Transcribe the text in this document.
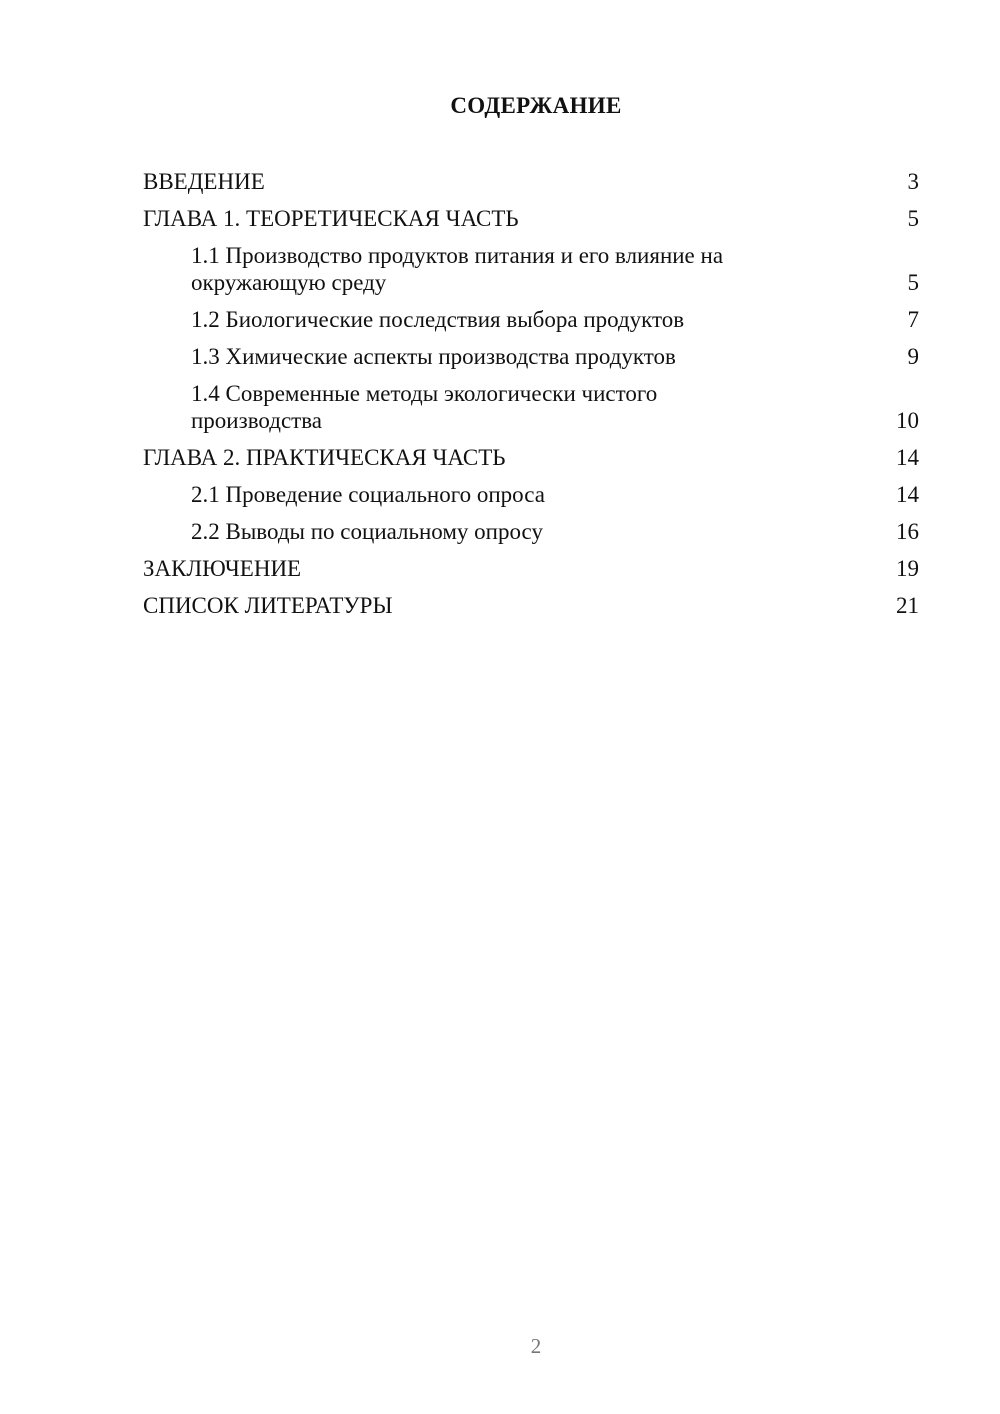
СОДЕРЖАНИЕ
ВВЕДЕНИЕ	3
ГЛАВА 1. ТЕОРЕТИЧЕСКАЯ ЧАСТЬ	5
1.1 Производство продуктов питания и его влияние на окружающую среду	5
1.2 Биологические последствия выбора продуктов	7
1.3 Химические аспекты производства продуктов	9
1.4 Современные методы экологически чистого производства	10
ГЛАВА 2. ПРАКТИЧЕСКАЯ ЧАСТЬ	14
2.1 Проведение социального опроса	14
2.2 Выводы по социальному опросу	16
ЗАКЛЮЧЕНИЕ	19
СПИСОК ЛИТЕРАТУРЫ	21
2
